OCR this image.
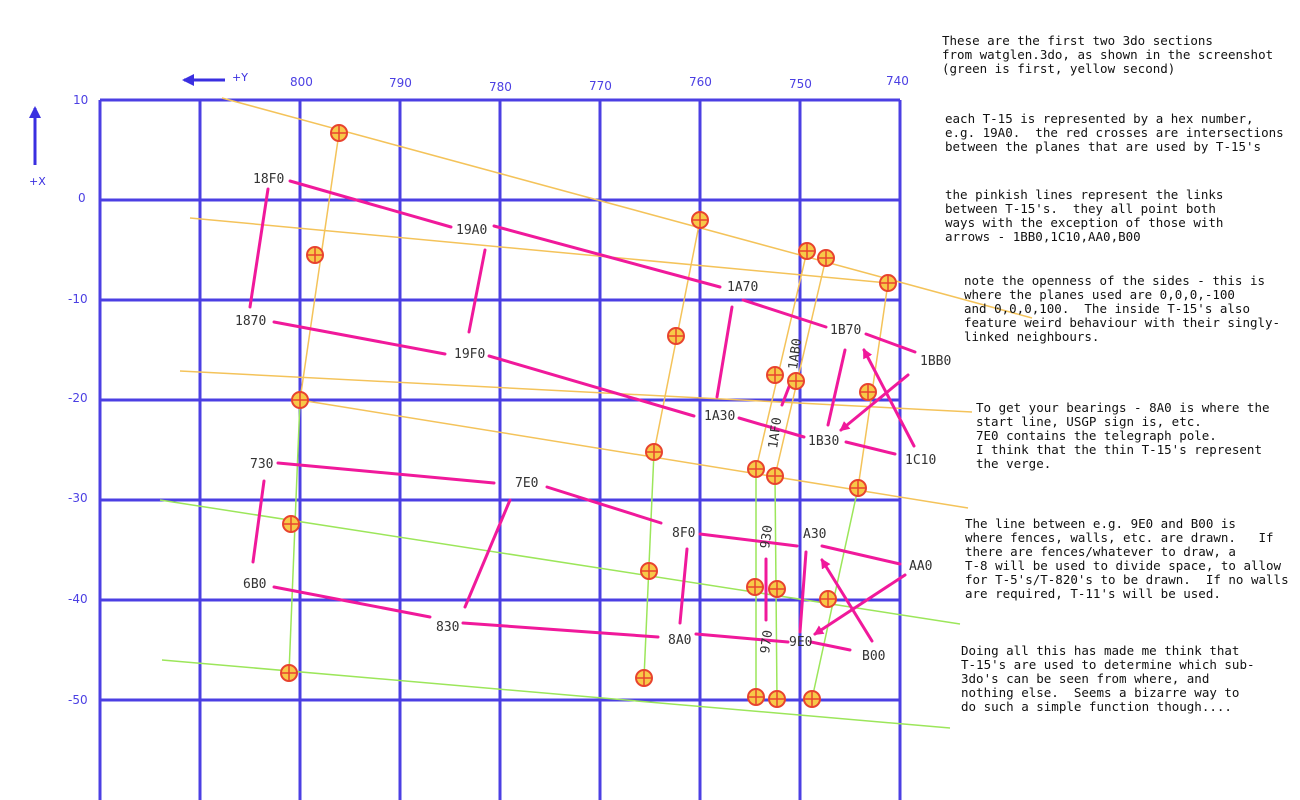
+Y
+X
800	790	780	770	760	750	740
10
0
-10
-20
-30
-40
-50
18F0
19A0
1A70
1B70
1BB0
1870
19F0
1A30
1B30
1C10
1AB0
1AF0
730
7E0
8F0	A30
AA0
930
6B0
830
8A0	970 9E0
B00
These are the first two 3do sections
from watglen.3do, as shown in the screenshot
(green is first, yellow second)
each T-15 is represented by a hex number,
e.g. 19A0.  the red crosses are intersections
between the planes that are used by T-15's
the pinkish lines represent the links
between T-15's.  they all point both
ways with the exception of those with
arrows - 1BB0,1C10,AA0,B00
note the openness of the sides - this is
where the planes used are 0,0,0,-100
and 0,0,0,100.  The inside T-15's also
feature weird behaviour with their singly-
linked neighbours.
To get your bearings - 8A0 is where the
start line, USGP sign is, etc.
7E0 contains the telegraph pole.
I think that the thin T-15's represent
the verge.
The line between e.g. 9E0 and B00 is
where fences, walls, etc. are drawn.   If
there are fences/whatever to draw, a
T-8 will be used to divide space, to allow
for T-5's/T-820's to be drawn.  If no walls
are required, T-11's will be used.
Doing all this has made me think that
T-15's are used to determine which sub-
3do's can be seen from where, and
nothing else.  Seems a bizarre way to
do such a simple function though....
